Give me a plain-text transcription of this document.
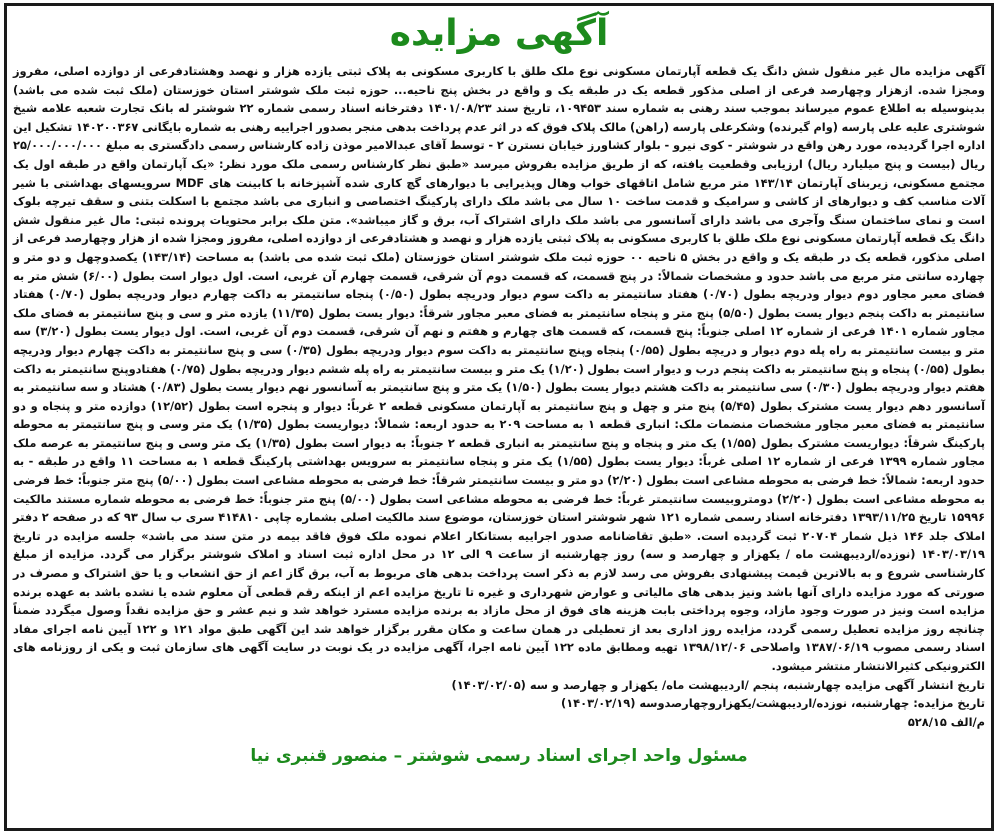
آگهی مزایده

آگهی مزایده مال غیر منقول شش دانگ یک قطعه آپارتمان مسکونی نوع ملک طلق با کاربری مسکونی به پلاک ثبتی یازده هزار و نهصد وهشتادفرعی از دوازده اصلی، مفروز ومجزا شده. ازهزار وچهارصد فرعی از اصلی مذکور قطعه یک در طبقه یک و واقع در بخش پنج ناحیه... حوزه ثبت ملک شوشتر استان خوزستان (ملک ثبت شده می باشد) بدینوسیله به اطلاع عموم میرساند بموجب سند رهنی به شماره سند ۱۰۹۴۵۳، تاریخ سند ۱۴۰۱/۰۸/۲۳ دفترخانه اسناد رسمی شماره ۲۲ شوشتر له بانک تجارت شعبه علامه شیخ شوشتری علیه علی پارسه (وام گیرنده) وشکرعلی پارسه (راهن) مالک پلاک فوق که در اثر عدم پرداخت بدهی منجر بصدور اجراییه رهنی به شماره بایگانی ۱۴۰۲۰۰۳۶۷ تشکیل این اداره اجرا گردیده، مورد رهن واقع در شوشتر - کوی نیرو - بلوار کشاورز خیابان نسترن ۲ - توسط آقای عبدالامیر موذن زاده کارشناس رسمی دادگستری به مبلغ ۲۵/۰۰۰/۰۰۰/۰۰۰ ریال (بیست و پنج میلیارد ریال) ارزیابی وقطعیت یافته، که از طریق مزایده بفروش میرسد «طبق نظر کارشناس رسمی ملک مورد نظر: «یک آپارتمان واقع در طبقه اول یک مجتمع مسکونی، زیربنای آپارتمان ۱۴۳/۱۴ متر مربع شامل اتاقهای خواب وهال وپذیرایی با دیوارهای گچ کاری شده آشپزخانه با کابینت های MDF سرویسهای بهداشتی با شیر آلات مناسب کف و دیوارهای از کاشی و سرامیک و قدمت ساخت ۱۰ سال می باشد ملک دارای پارکینگ اختصاصی و انباری می باشد مجتمع با اسکلت بتنی و سقف تیرچه بلوک است و نمای ساختمان سنگ وآجری می باشد دارای آسانسور می باشد ملک دارای اشتراک آب، برق و گاز میباشد». متن ملک برابر محتویات پرونده ثبتی: مال غیر منقول شش دانگ یک قطعه آپارتمان مسکونی نوع ملک طلق با کاربری مسکونی به پلاک ثبتی یازده هزار و نهصد و هشتادفرعی از دوازده اصلی، مفروز ومجزا شده از هزار وچهارصد فرعی از اصلی مذکور، قطعه یک در طبقه یک و واقع در بخش ۵ ناحیه ۰۰ حوزه ثبت ملک شوشتر استان خوزستان (ملک ثبت شده می باشد) به مساحت (۱۴۳/۱۴) یکصدوچهل و دو متر و چهارده سانتی متر مربع می باشد حدود و مشخصات شمالاً: در پنج قسمت، که قسمت دوم آن شرقی، قسمت چهارم آن غربی، است. اول دیوار است بطول (۶/۰۰) شش متر به فضای معبر مجاور دوم دیوار ودریچه بطول (۰/۷۰) هفتاد سانتیمتر به داکت سوم دیوار ودریچه بطول (۰/۵۰) پنجاه سانتیمتر به داکت چهارم دیوار ودریچه بطول (۰/۷۰) هفتاد سانتیمتر به داکت پنجم دیوار یست بطول (۵/۵۰) پنج متر و پنجاه سانتیمتر به فضای معبر مجاور شرقاً: دیوار یست بطول (۱۱/۳۵) یازده متر و سی و پنج سانتیمتر به فضای ملک مجاور شماره ۱۴۰۱ فرعی از شماره ۱۲ اصلی جنوباً: پنج قسمت، که قسمت های چهارم و هفتم و نهم آن شرقی، قسمت دوم آن غربی، است. اول دیوار یست بطول (۳/۲۰) سه متر و بیست سانتیمتر به راه پله دوم دیوار و دریچه بطول (۰/۵۵) پنجاه وپنج سانتیمتر به داکت سوم دیوار ودریچه بطول (۰/۳۵) سی و پنج سانتیمتر به داکت چهارم دیوار ودریچه بطول (۰/۵۵) پنجاه و پنج سانتیمتر به داکت پنجم درب و دیوار است بطول (۱/۲۰) یک متر و بیست سانتیمتر به راه پله ششم دیوار ودریچه بطول (۰/۷۵) هفتادوپنج سانتیمتر به داکت هفتم دیوار ودریچه بطول (۰/۳۰) سی سانتیمتر به داکت هشتم دیوار یست بطول (۱/۵۰) یک متر و پنج سانتیمتر به آسانسور نهم دیوار یست بطول (۰/۸۳) هشتاد و سه سانتیمتر به آسانسور دهم دیوار یست مشترک بطول (۵/۴۵) پنج متر و چهل و پنج سانتیمتر به آپارتمان مسکونی قطعه ۲ غرباً: دیوار و پنجره است بطول (۱۲/۵۲) دوازده متر و پنجاه و دو سانتیمتر به فضای معبر مجاور مشخصات منضمات ملک: انباری قطعه ۱ به مساحت ۲۰۹ به حدود اربعه: شمالاً: دیواریست بطول (۱/۳۵) یک متر وسی و پنج سانتیمتر به محوطه پارکینگ شرقاً: دیواریست مشترک بطول (۱/۵۵) یک متر و پنجاه و پنج سانتیمتر به انباری قطعه ۲ جنوباً: به دیوار است بطول (۱/۳۵) یک متر وسی و پنج سانتیمتر به عرصه ملک مجاور شماره ۱۳۹۹ فرعی از شماره ۱۲ اصلی غرباً: دیوار یست بطول (۱/۵۵) یک متر و پنجاه سانتیمتر به سرویس بهداشتی پارکینگ قطعه ۱ به مساحت ۱۱ واقع در طبقه - به حدود اربعه: شمالاً: خط فرضی به محوطه مشاعی است بطول (۲/۲۰) دو متر و بیست سانتیمتر شرقاً: خط فرضی به محوطه مشاعی است بطول (۵/۰۰) پنج متر جنوباً: خط فرضی به محوطه مشاعی است بطول (۲/۲۰) دومتروبیست سانتیمتر غرباً: خط فرضی به محوطه مشاعی است بطول (۵/۰۰) پنج متر جنوباً: خط فرضی به محوطه شماره مستند مالکیت ۱۵۹۹۶ تاریخ ۱۳۹۳/۱۱/۲۵ دفترخانه اسناد رسمی شماره ۱۲۱ شهر شوشتر استان خوزستان، موضوع سند مالکیت اصلی بشماره چاپی ۴۱۴۸۱۰ سری ب سال ۹۳ که در صفحه ۲ دفتر املاک جلد ۱۴۶ ذیل شمار ۲۰۷۰۴ ثبت گردیده است. «طبق تقاضانامه صدور اجراییه بستانکار اعلام نموده ملک فوق فاقد بیمه در متن سند می باشد» جلسه مزایده در تاریخ ۱۴۰۳/۰۳/۱۹ (نوزده/اردیبهشت ماه / یکهزار و چهارصد و سه) روز چهارشنبه از ساعت ۹ الی ۱۲ در محل اداره ثبت اسناد و املاک شوشتر برگزار می گردد. مزایده از مبلغ کارشناسی شروع و به بالاترین قیمت پیشنهادی بفروش می رسد لازم به ذکر است پرداخت بدهی های مربوط به آب، برق گاز اعم از حق انشعاب و یا حق اشتراک و مصرف در صورتی که مورد مزایده دارای آنها باشد ونیز بدهی های مالیاتی و عوارض شهرداری و غیره تا تاریخ مزایده اعم از اینکه رقم قطعی آن معلوم شده یا نشده باشد به عهده برنده مزایده است ونیز در صورت وجود مازاد، وجوه پرداختی بابت هزینه های فوق از محل مازاد به برنده مزایده مسترد خواهد شد و نیم عشر و حق مزایده نقداً وصول میگردد ضمناً چنانچه روز مزایده تعطیل رسمی گردد، مزایده روز اداری بعد از تعطیلی در همان ساعت و مکان مقرر برگزار خواهد شد این آگهی طبق مواد ۱۲۱ و ۱۲۲ آیین نامه اجرای مفاد اسناد رسمی مصوب ۱۳۸۷/۰۶/۱۹ واصلاحی ۱۳۹۸/۱۲/۰۶ تهیه ومطابق ماده ۱۲۲ آیین نامه اجرا، آگهی مزایده در یک نوبت در سایت آگهی های سازمان ثبت و یکی از روزنامه های الکترونیکی کثیرالانتشار منتشر میشود.

تاریخ انتشار آگهی مزایده چهارشنبه، پنجم /اردیبهشت ماه/ یکهزار و چهارصد و سه (۱۴۰۳/۰۲/۰۵)

تاریخ مزایده: چهارشنبه، نوزده/اردیبهشت/یکهزاروچهارصدوسه (۱۴۰۳/۰۲/۱۹)

م/الف ۵۲۸/۱۵

مسئول واحد اجرای اسناد رسمی شوشتر – منصور قنبری نیا
